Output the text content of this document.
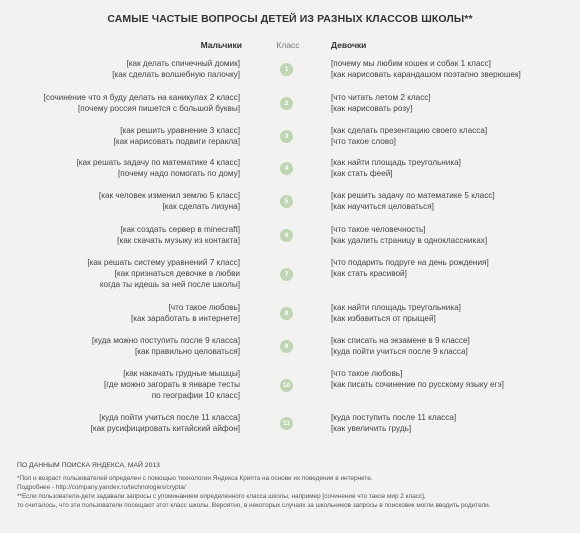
САМЫЕ ЧАСТЫЕ ВОПРОСЫ ДЕТЕЙ ИЗ РАЗНЫХ КЛАССОВ ШКОЛЫ**
Мальчики	Класс	Девочки
[как делать спичечный домик]
[как сделать волшебную палочку]
1
[почему мы любим кошек и собак 1 класс]
[как нарисовать карандашом поэтапно зверюшек]
[сочинение что я буду делать на каникулах 2 класс]
[почему россия пишется с большой буквы]
2
[что читать летом 2 класс]
[как нарисовать розу]
[как решить уравнение 3 класс]
[как нарисовать подвиги геракла]
3
[как сделать презентацию своего класса]
[что такое слово]
[как решать задачу по математике 4 класс]
[почему надо помогать по дому]
4
[как найти площадь треугольника]
[как стать феей]
[как человек изменил землю 5 класс]
[как сделать лизуна]
5
[как решить задачу по математике 5 класс]
[как научиться целоваться]
[как создать сервер в minecraft]
[как скачать музыку из контакта]
6
[что такое человечность]
[как удалить страницу в одноклассниках]
[как решать систему уравнений 7 класс]
[как признаться девочке в любви
когда ты идешь за ней после школы]
7
[что подарить подруге на день рождения]
[как стать красивой]
[что такое любовь]
[как заработать в интернете]
8
[как найти площадь треугольника]
[как избавиться от прыщей]
[куда можно поступить после 9 класса]
[как правильно целоваться]
9
[как списать на экзамене в 9 классе]
[куда пойти учиться после 9 класса]
[как накачать грудные мышцы]
[где можно загорать в январе тесты
по географии 10 класс]
10
[что такое любовь]
[как писать сочинение по русскому языку егэ]
[куда пойти учиться после 11 класса]
[как русифицировать китайский айфон]
11
[куда поступить после 11 класса]
[как увеличить грудь]
ПО ДАННЫМ ПОИСКА ЯНДЕКСА, МАЙ 2013
*Пол и возраст пользователей определен с помощью технологии Яндекса Крипта на основе их поведения в интернете.
Подробнее - http://company.yandex.ru/technologies/crypta/
**Если пользователи-дети задавали запросы с упоминанием определенного класса школы, например [сочинение что такое мир 2 класс],
то считалось, что эти пользователи посещают этот класс школы. Вероятно, в некоторых случаях за школьников запросы в поисковик могли вводить родители.
